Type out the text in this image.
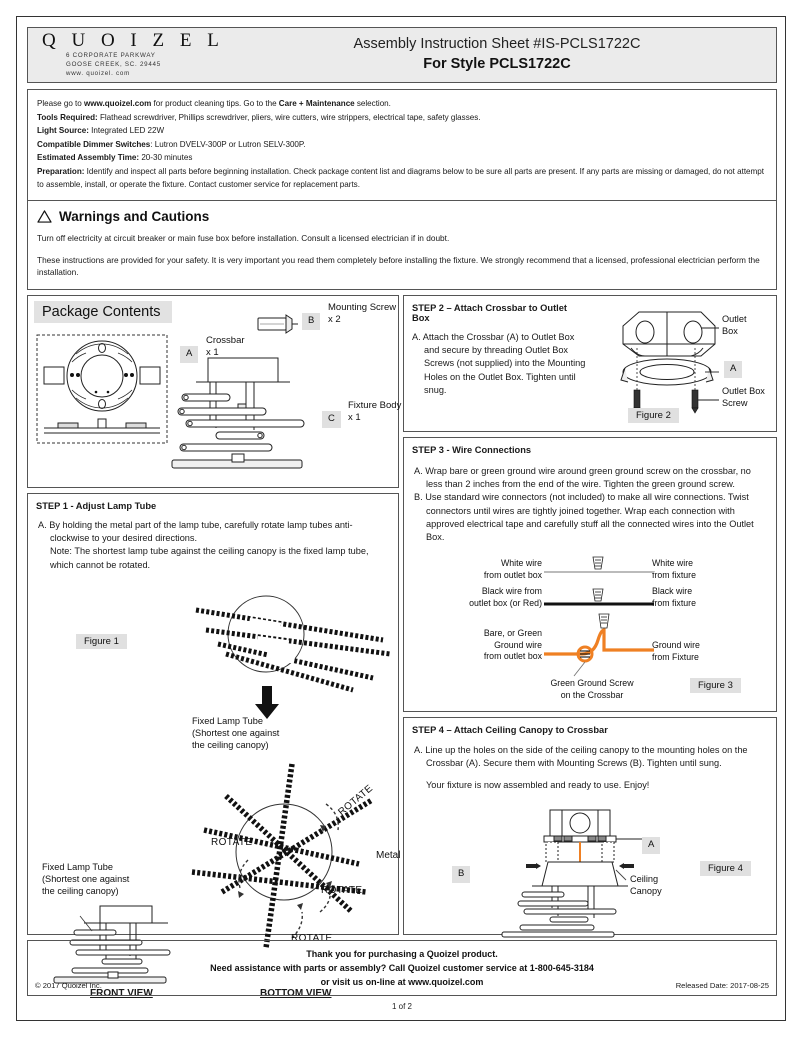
Q U O I Z E L
6 CORPORATE PARKWAY
GOOSE CREEK, SC. 29445
www. quoizel. com
Assembly Instruction Sheet #IS-PCLS1722C
For Style PCLS1722C

Please go to www.quoizel.com for product cleaning tips. Go to the Care + Maintenance selection.

Tools Required: Flathead screwdriver, Phillips screwdriver, pliers, wire cutters, wire strippers, electrical tape, safety glasses.

Light Source: Integrated LED 22W

Compatible Dimmer Switches: Lutron DVELV-300P or Lutron SELV-300P.

Estimated Assembly Time: 20-30 minutes

Preparation: Identify and inspect all parts before beginning installation. Check package content list and diagrams below to be sure all parts are present. If any parts are missing or damaged, do not attempt to assemble, install, or operate the fixture. Contact customer service for replacement parts.

Warnings and Cautions
Turn off electricity at circuit breaker or main fuse box before installation. Consult a licensed electrician if in doubt.
These instructions are provided for your safety. It is very important you read them completely before installing the fixture. We strongly recommend that a licensed, professional electrician perform the installation.
Package Contents
A
Crossbar
x 1
B
Mounting Screw
x 2
C
Fixture Body
x 1
STEP 1 - Adjust Lamp Tube
A. By holding the metal part of the lamp tube, carefully rotate lamp tubes anti-clockwise to your desired directions.
Note: The shortest lamp tube against the ceiling canopy is the fixed lamp tube, which cannot be rotated.
Figure 1
Fixed Lamp Tube
(Shortest one against
the ceiling canopy)
ROTATE
ROTATE
ROTATE
ROTATE
Metal
Fixed Lamp Tube
(Shortest one against
the ceiling canopy)
FRONT VIEW	BOTTOM VIEW
STEP 2 – Attach Crossbar to Outlet Box
A. Attach the Crossbar (A) to Outlet Box and secure by threading Outlet Box Screws (not supplied) into the Mounting Holes on the Outlet Box. Tighten until snug.
Outlet
Box
A
Outlet Box
Screw
Figure 2
STEP 3 - Wire Connections
A. Wrap bare or green ground wire around green ground screw on the crossbar, no less than 2 inches from the end of the wire. Tighten the green ground screw.
B. Use standard wire connectors (not included) to make all wire connections. Twist connectors until wires are tightly joined together. Wrap each connection with approved electrical tape and carefully stuff all the connected wires into the Outlet Box.
White wire
from outlet box
White wire
from fixture
Black wire from
outlet box (or Red)
Black wire
from fixture
Bare, or Green
Ground wire
from outlet box
Ground wire
from Fixture
Green Ground Screw
on the Crossbar
Figure 3
STEP 4 – Attach Ceiling Canopy to Crossbar
A. Line up the holes on the side of the ceiling canopy to the mounting holes on the Crossbar (A). Secure them with Mounting Screws (B). Tighten until sung.
Your fixture is now assembled and ready to use. Enjoy!
A
B	Ceiling
Canopy
Figure 4
Thank you for purchasing a Quoizel product.
Need assistance with parts or assembly? Call Quoizel customer service at 1-800-645-3184
or visit us on-line at www.quoizel.com
© 2017 Quoizel Inc.	Released Date: 2017-08-25
1 of 2
